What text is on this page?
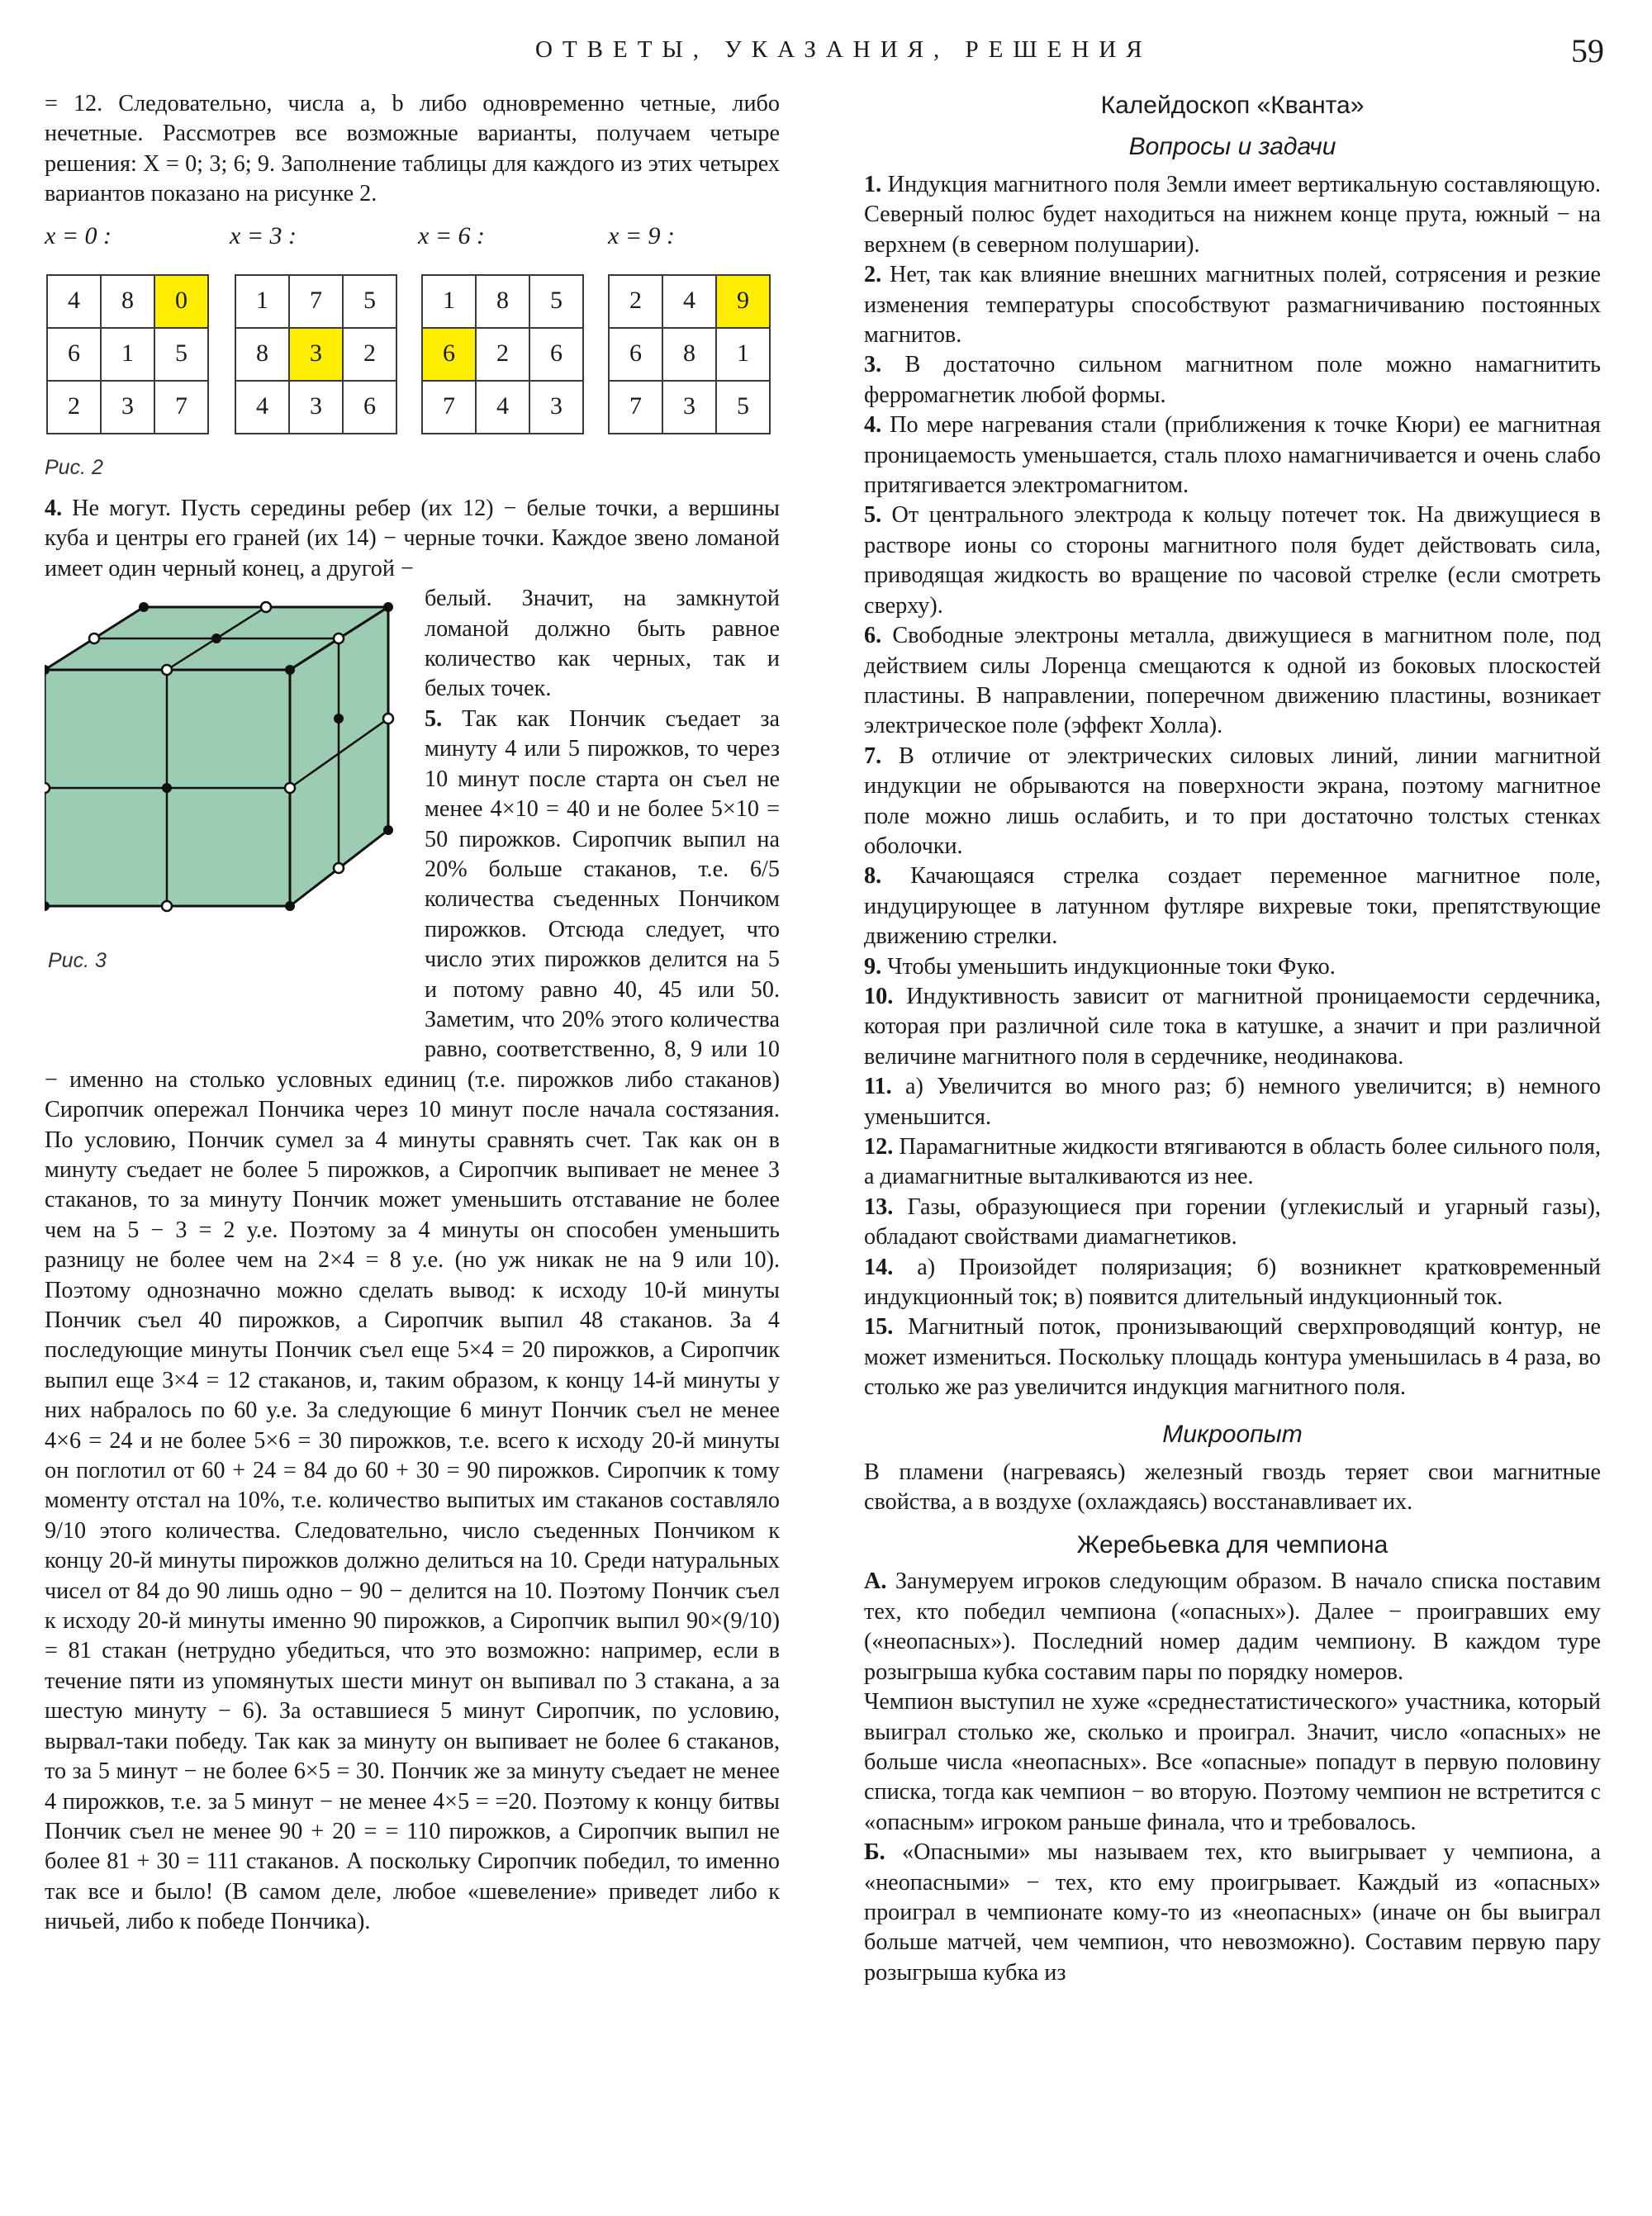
ОТВЕТЫ, УКАЗАНИЯ, РЕШЕНИЯ	59

= 12. Следовательно, числа a, b либо одновременно четные, либо нечетные. Рассмотрев все возможные варианты, получаем четыре решения: X = 0; 3; 6; 9. Заполнение таблицы для каждого из этих четырех вариантов показано на рисунке 2.

x = 0 :	x = 3 :	x = 6 :	x = 9 :
4	8	0
6	1	5
2	3	7
1	7	5
8	3	2
4	3	6
1	8	5
6	2	6
7	4	3
2	4	9
6	8	1
7	3	5
Рис. 2

4. Не могут. Пусть середины ребер (их 12) − белые точки, а вершины куба и центры его граней (их 14) − черные точки. Каждое звено ломаной имеет один черный конец, а другой −

Рис. 3

белый. Значит, на замкнутой ломаной должно быть равное количество как черных, так и белых точек.

5. Так как Пончик съедает за минуту 4 или 5 пирожков, то через 10 минут после старта он съел не менее 4×10 = 40 и не более 5×10 = 50 пирожков. Сиропчик выпил на 20% больше стаканов, т.е. 6/5 количества съеденных Пончиком пирожков. Отсюда следует, что число этих пирожков делится на 5 и потому равно 40, 45 или 50. Заметим, что 20% этого количества равно, соответственно, 8, 9 или 10 − именно на столько условных единиц (т.е. пирожков либо стаканов) Сиропчик опережал Пончика через 10 минут после начала состязания. По условию, Пончик сумел за 4 минуты сравнять счет. Так как он в минуту съедает не более 5 пирожков, а Сиропчик выпивает не менее 3 стаканов, то за минуту Пончик может уменьшить отставание не более чем на 5 − 3 = 2 у.е. Поэтому за 4 минуты он способен уменьшить разницу не более чем на 2×4 = 8 у.е. (но уж никак не на 9 или 10). Поэтому однозначно можно сделать вывод: к исходу 10-й минуты Пончик съел 40 пирожков, а Сиропчик выпил 48 стаканов. За 4 последующие минуты Пончик съел еще 5×4 = 20 пирожков, а Сиропчик выпил еще 3×4 = 12 стаканов, и, таким образом, к концу 14-й минуты у них набралось по 60 у.е. За следующие 6 минут Пончик съел не менее 4×6 = 24 и не более 5×6 = 30 пирожков, т.е. всего к исходу 20-й минуты он поглотил от 60 + 24 = 84 до 60 + 30 = 90 пирожков. Сиропчик к тому моменту отстал на 10%, т.е. количество выпитых им стаканов составляло 9/10 этого количества. Следовательно, число съеденных Пончиком к концу 20-й минуты пирожков должно делиться на 10. Среди натуральных чисел от 84 до 90 лишь одно − 90 − делится на 10. Поэтому Пончик съел к исходу 20-й минуты именно 90 пирожков, а Сиропчик выпил 90×(9/10) = 81 стакан (нетрудно убедиться, что это возможно: например, если в течение пяти из упомянутых шести минут он выпивал по 3 стакана, а за шестую минуту − 6). За оставшиеся 5 минут Сиропчик, по условию, вырвал-таки победу. Так как за минуту он выпивает не более 6 стаканов, то за 5 минут − не более 6×5 = 30. Пончик же за минуту съедает не менее 4 пирожков, т.е. за 5 минут − не менее 4×5 = =20. Поэтому к концу битвы Пончик съел не менее 90 + 20 = = 110 пирожков, а Сиропчик выпил не более 81 + 30 = 111 стаканов. А поскольку Сиропчик победил, то именно так все и было! (В самом деле, любое «шевеление» приведет либо к ничьей, либо к победе Пончика).

Калейдоскоп «Кванта»
Вопросы и задачи

1. Индукция магнитного поля Земли имеет вертикальную составляющую. Северный полюс будет находиться на нижнем конце прута, южный − на верхнем (в северном полушарии).

2. Нет, так как влияние внешних магнитных полей, сотрясения и резкие изменения температуры способствуют размагничиванию постоянных магнитов.

3. В достаточно сильном магнитном поле можно намагнитить ферромагнетик любой формы.

4. По мере нагревания стали (приближения к точке Кюри) ее магнитная проницаемость уменьшается, сталь плохо намагничивается и очень слабо притягивается электромагнитом.

5. От центрального электрода к кольцу потечет ток. На движущиеся в растворе ионы со стороны магнитного поля будет действовать сила, приводящая жидкость во вращение по часовой стрелке (если смотреть сверху).

6. Свободные электроны металла, движущиеся в магнитном поле, под действием силы Лоренца смещаются к одной из боковых плоскостей пластины. В направлении, поперечном движению пластины, возникает электрическое поле (эффект Холла).

7. В отличие от электрических силовых линий, линии магнитной индукции не обрываются на поверхности экрана, поэтому магнитное поле можно лишь ослабить, и то при достаточно толстых стенках оболочки.

8. Качающаяся стрелка создает переменное магнитное поле, индуцирующее в латунном футляре вихревые токи, препятствующие движению стрелки.

9. Чтобы уменьшить индукционные токи Фуко.

10. Индуктивность зависит от магнитной проницаемости сердечника, которая при различной силе тока в катушке, а значит и при различной величине магнитного поля в сердечнике, неодинакова.

11. а) Увеличится во много раз; б) немного увеличится; в) немного уменьшится.

12. Парамагнитные жидкости втягиваются в область более сильного поля, а диамагнитные выталкиваются из нее.

13. Газы, образующиеся при горении (углекислый и угарный газы), обладают свойствами диамагнетиков.

14. а) Произойдет поляризация; б) возникнет кратковременный индукционный ток; в) появится длительный индукционный ток.

15. Магнитный поток, пронизывающий сверхпроводящий контур, не может измениться. Поскольку площадь контура уменьшилась в 4 раза, во столько же раз увеличится индукция магнитного поля.

Микроопыт

В пламени (нагреваясь) железный гвоздь теряет свои магнитные свойства, а в воздухе (охлаждаясь) восстанавливает их.

Жеребьевка для чемпиона

А. Занумеруем игроков следующим образом. В начало списка поставим тех, кто победил чемпиона («опасных»). Далее − проигравших ему («неопасных»). Последний номер дадим чемпиону. В каждом туре розыгрыша кубка составим пары по порядку номеров.

Чемпион выступил не хуже «среднестатистического» участника, который выиграл столько же, сколько и проиграл. Значит, число «опасных» не больше числа «неопасных». Все «опасные» попадут в первую половину списка, тогда как чемпион − во вторую. Поэтому чемпион не встретится с «опасным» игроком раньше финала, что и требовалось.

Б. «Опасными» мы называем тех, кто выигрывает у чемпиона, а «неопасными» − тех, кто ему проигрывает. Каждый из «опасных» проиграл в чемпионате кому-то из «неопасных» (иначе он бы выиграл больше матчей, чем чемпион, что невозможно). Составим первую пару розыгрыша кубка из
